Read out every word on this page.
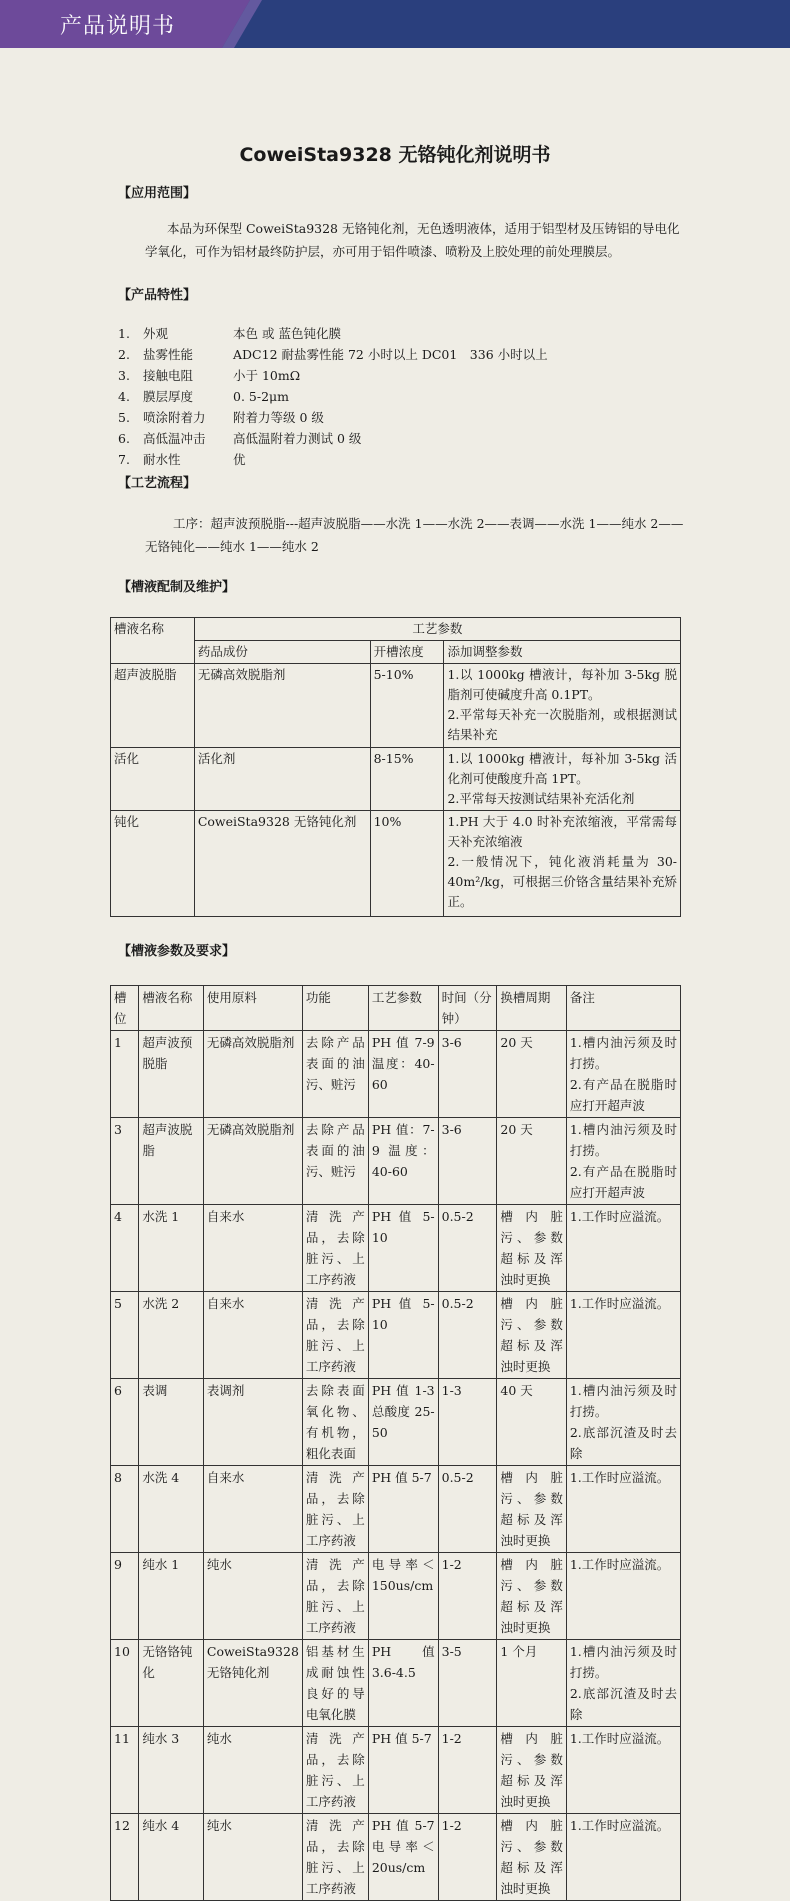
产品说明书
CoweiSta9328 无铬钝化剂说明书
【应用范围】
本品为环保型 CoweiSta9328 无铬钝化剂，无色透明液体，适用于铝型材及压铸铝的导电化学氧化，可作为铝材最终防护层，亦可用于铝件喷漆、喷粉及上胶处理的前处理膜层。
【产品特性】
1. 外观	本色 或 蓝色钝化膜
2. 盐雾性能	ADC12 耐盐雾性能 72 小时以上 DC01　336 小时以上
3. 接触电阻	小于 10mΩ
4. 膜层厚度	0. 5-2μm
5. 喷涂附着力 附着力等级 0 级
6. 高低温冲击 高低温附着力测试 0 级
7. 耐水性	优
【工艺流程】
工序：超声波预脱脂---超声波脱脂——水洗 1——水洗 2——表调——水洗 1——纯水 2——无铬钝化——纯水 1——纯水 2
【槽液配制及维护】
槽液名称	工艺参数		
	药品成份	开槽浓度	添加调整参数
超声波脱脂	无磷高效脱脂剂	5-10%	1.以 1000kg 槽液计，每补加 3-5kg 脱脂剂可使碱度升高 0.1PT。
2.平常每天补充一次脱脂剂，或根据测试结果补充

活化	活化剂	8-15%	1.以 1000kg 槽液计，每补加 3-5kg 活化剂可使酸度升高 1PT。
2.平常每天按测试结果补充活化剂

钝化	CoweiSta9328 无铬钝化剂	10%	1.PH 大于 4.0 时补充浓缩液，平常需每天补充浓缩液
2.一般情况下，钝化液消耗量为 30-40m²/kg，可根据三价铬含量结果补充矫正。
【槽液参数及要求】
槽位	槽液名称	使用原料	功能	工艺参数	时间（分钟）	换槽周期	备注
1	超声波预脱脂	无磷高效脱脂剂	去除产品表面的油污、赃污	PH 值 7-9 温度：40-60	3-6	20 天	1.槽内油污须及时打捞。
2.有产品在脱脂时应打开超声波

3	超声波脱脂	无磷高效脱脂剂	去除产品表面的油污、赃污	PH 值：7-9 温度：40-60	3-6	20 天	1.槽内油污须及时打捞。
2.有产品在脱脂时应打开超声波

4	水洗 1	自来水	清洗产品，去除脏污、上工序药液	PH 值 5-10	0.5-2	槽内脏污、参数超标及浑浊时更换	1.工作时应溢流。

5	水洗 2	自来水	清洗产品，去除脏污、上工序药液	PH 值 5-10	0.5-2	槽内脏污、参数超标及浑浊时更换	1.工作时应溢流。

6	表调	表调剂	去除表面氧化物、有机物，粗化表面	PH 值 1-3 总酸度 25-50	1-3	40 天	1.槽内油污须及时打捞。
2.底部沉渣及时去除

8	水洗 4	自来水	清洗产品，去除脏污、上工序药液	PH 值 5-7	0.5-2	槽内脏污、参数超标及浑浊时更换	1.工作时应溢流。

9	纯水 1	纯水	清洗产品，去除脏污、上工序药液	电导率＜150us/cm	1-2	槽内脏污、参数超标及浑浊时更换	1.工作时应溢流。

10	无铬铬钝化	CoweiSta9328 无铬钝化剂	铝基材生成耐蚀性良好的导电氧化膜	PH 值 3.6-4.5	3-5	1 个月	1.槽内油污须及时打捞。
2.底部沉渣及时去除

11	纯水 3	纯水	清洗产品，去除脏污、上工序药液	PH 值 5-7	1-2	槽内脏污、参数超标及浑浊时更换	1.工作时应溢流。

12	纯水 4	纯水	清洗产品，去除脏污、上工序药液	PH 值 5-7 电导率＜20us/cm	1-2	槽内脏污、参数超标及浑浊时更换	1.工作时应溢流。
